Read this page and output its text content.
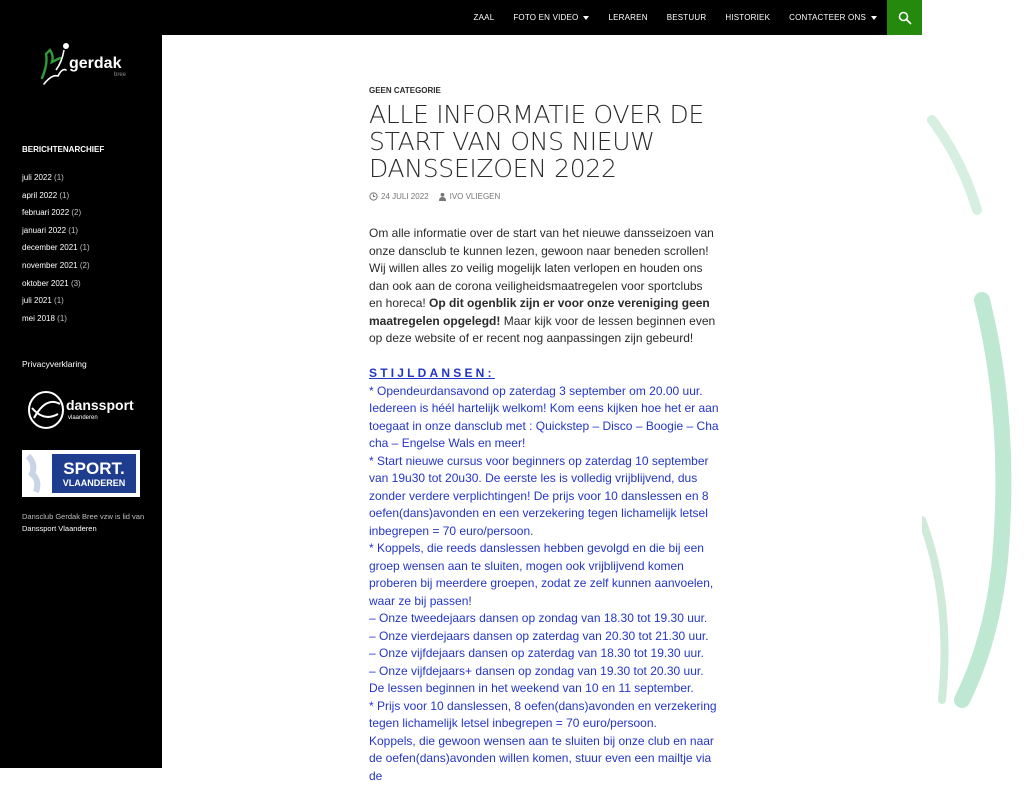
ZAAL FOTO EN VIDEO	LERAREN BESTUUR HISTORIEK CONTACTEER ONS
gerdak
bree
BERICHTENARCHIEF
juli 2022 (1)
april 2022 (1)
februari 2022 (2)
januari 2022 (1)
december 2021 (1)
november 2021 (2)
oktober 2021 (3)
juli 2021 (1)
mei 2018 (1)
Privacyverklaring
danssport
vlaanderen
SPORT.
VLAANDEREN
Dansclub Gerdak Bree vzw is lid van Danssport Vlaanderen
GEEN CATEGORIE
ALLE INFORMATIE OVER DE START VAN ONS NIEUW DANSSEIZOEN 2022
24 JULI 2022	IVO VLIEGEN

Om alle informatie over de start van het nieuwe dansseizoen van onze dansclub te kunnen lezen, gewoon naar beneden scrollen!
Wij willen alles zo veilig mogelijk laten verlopen en houden ons dan ook aan de corona veiligheidsmaatregelen voor sportclubs en horeca! Op dit ogenblik zijn er voor onze vereniging geen maatregelen opgelegd! Maar kijk voor de lessen beginnen even op deze website of er recent nog aanpassingen zijn gebeurd!

STIJLDANSEN:
* Opendeurdansavond op zaterdag 3 september om 20.00 uur.
Iedereen is héél hartelijk welkom! Kom eens kijken hoe het er aan toegaat in onze dansclub met : Quickstep – Disco – Boogie – Cha cha – Engelse Wals en meer!
* Start nieuwe cursus voor beginners op zaterdag 10 september van 19u30 tot 20u30. De eerste les is volledig vrijblijvend, dus zonder verdere verplichtingen! De prijs voor 10 danslessen en 8 oefen(dans)avonden en een verzekering tegen lichamelijk letsel inbegrepen = 70 euro/persoon.
* Koppels, die reeds danslessen hebben gevolgd en die bij een groep wensen aan te sluiten, mogen ook vrijblijvend komen proberen bij meerdere groepen, zodat ze zelf kunnen aanvoelen, waar ze bij passen!
– Onze tweedejaars dansen op zondag van 18.30 tot 19.30 uur.
– Onze vierdejaars dansen op zaterdag van 20.30 tot 21.30 uur.
– Onze vijfdejaars dansen op zaterdag van 18.30 tot 19.30 uur.
– Onze vijfdejaars+ dansen op zondag van 19.30 tot 20.30 uur.
De lessen beginnen in het weekend van 10 en 11 september.
* Prijs voor 10 danslessen, 8 oefen(dans)avonden en verzekering tegen lichamelijk letsel inbegrepen = 70 euro/persoon.
Koppels, die gewoon wensen aan te sluiten bij onze club en naar de oefen(dans)avonden willen komen, stuur even een mailtje via de
